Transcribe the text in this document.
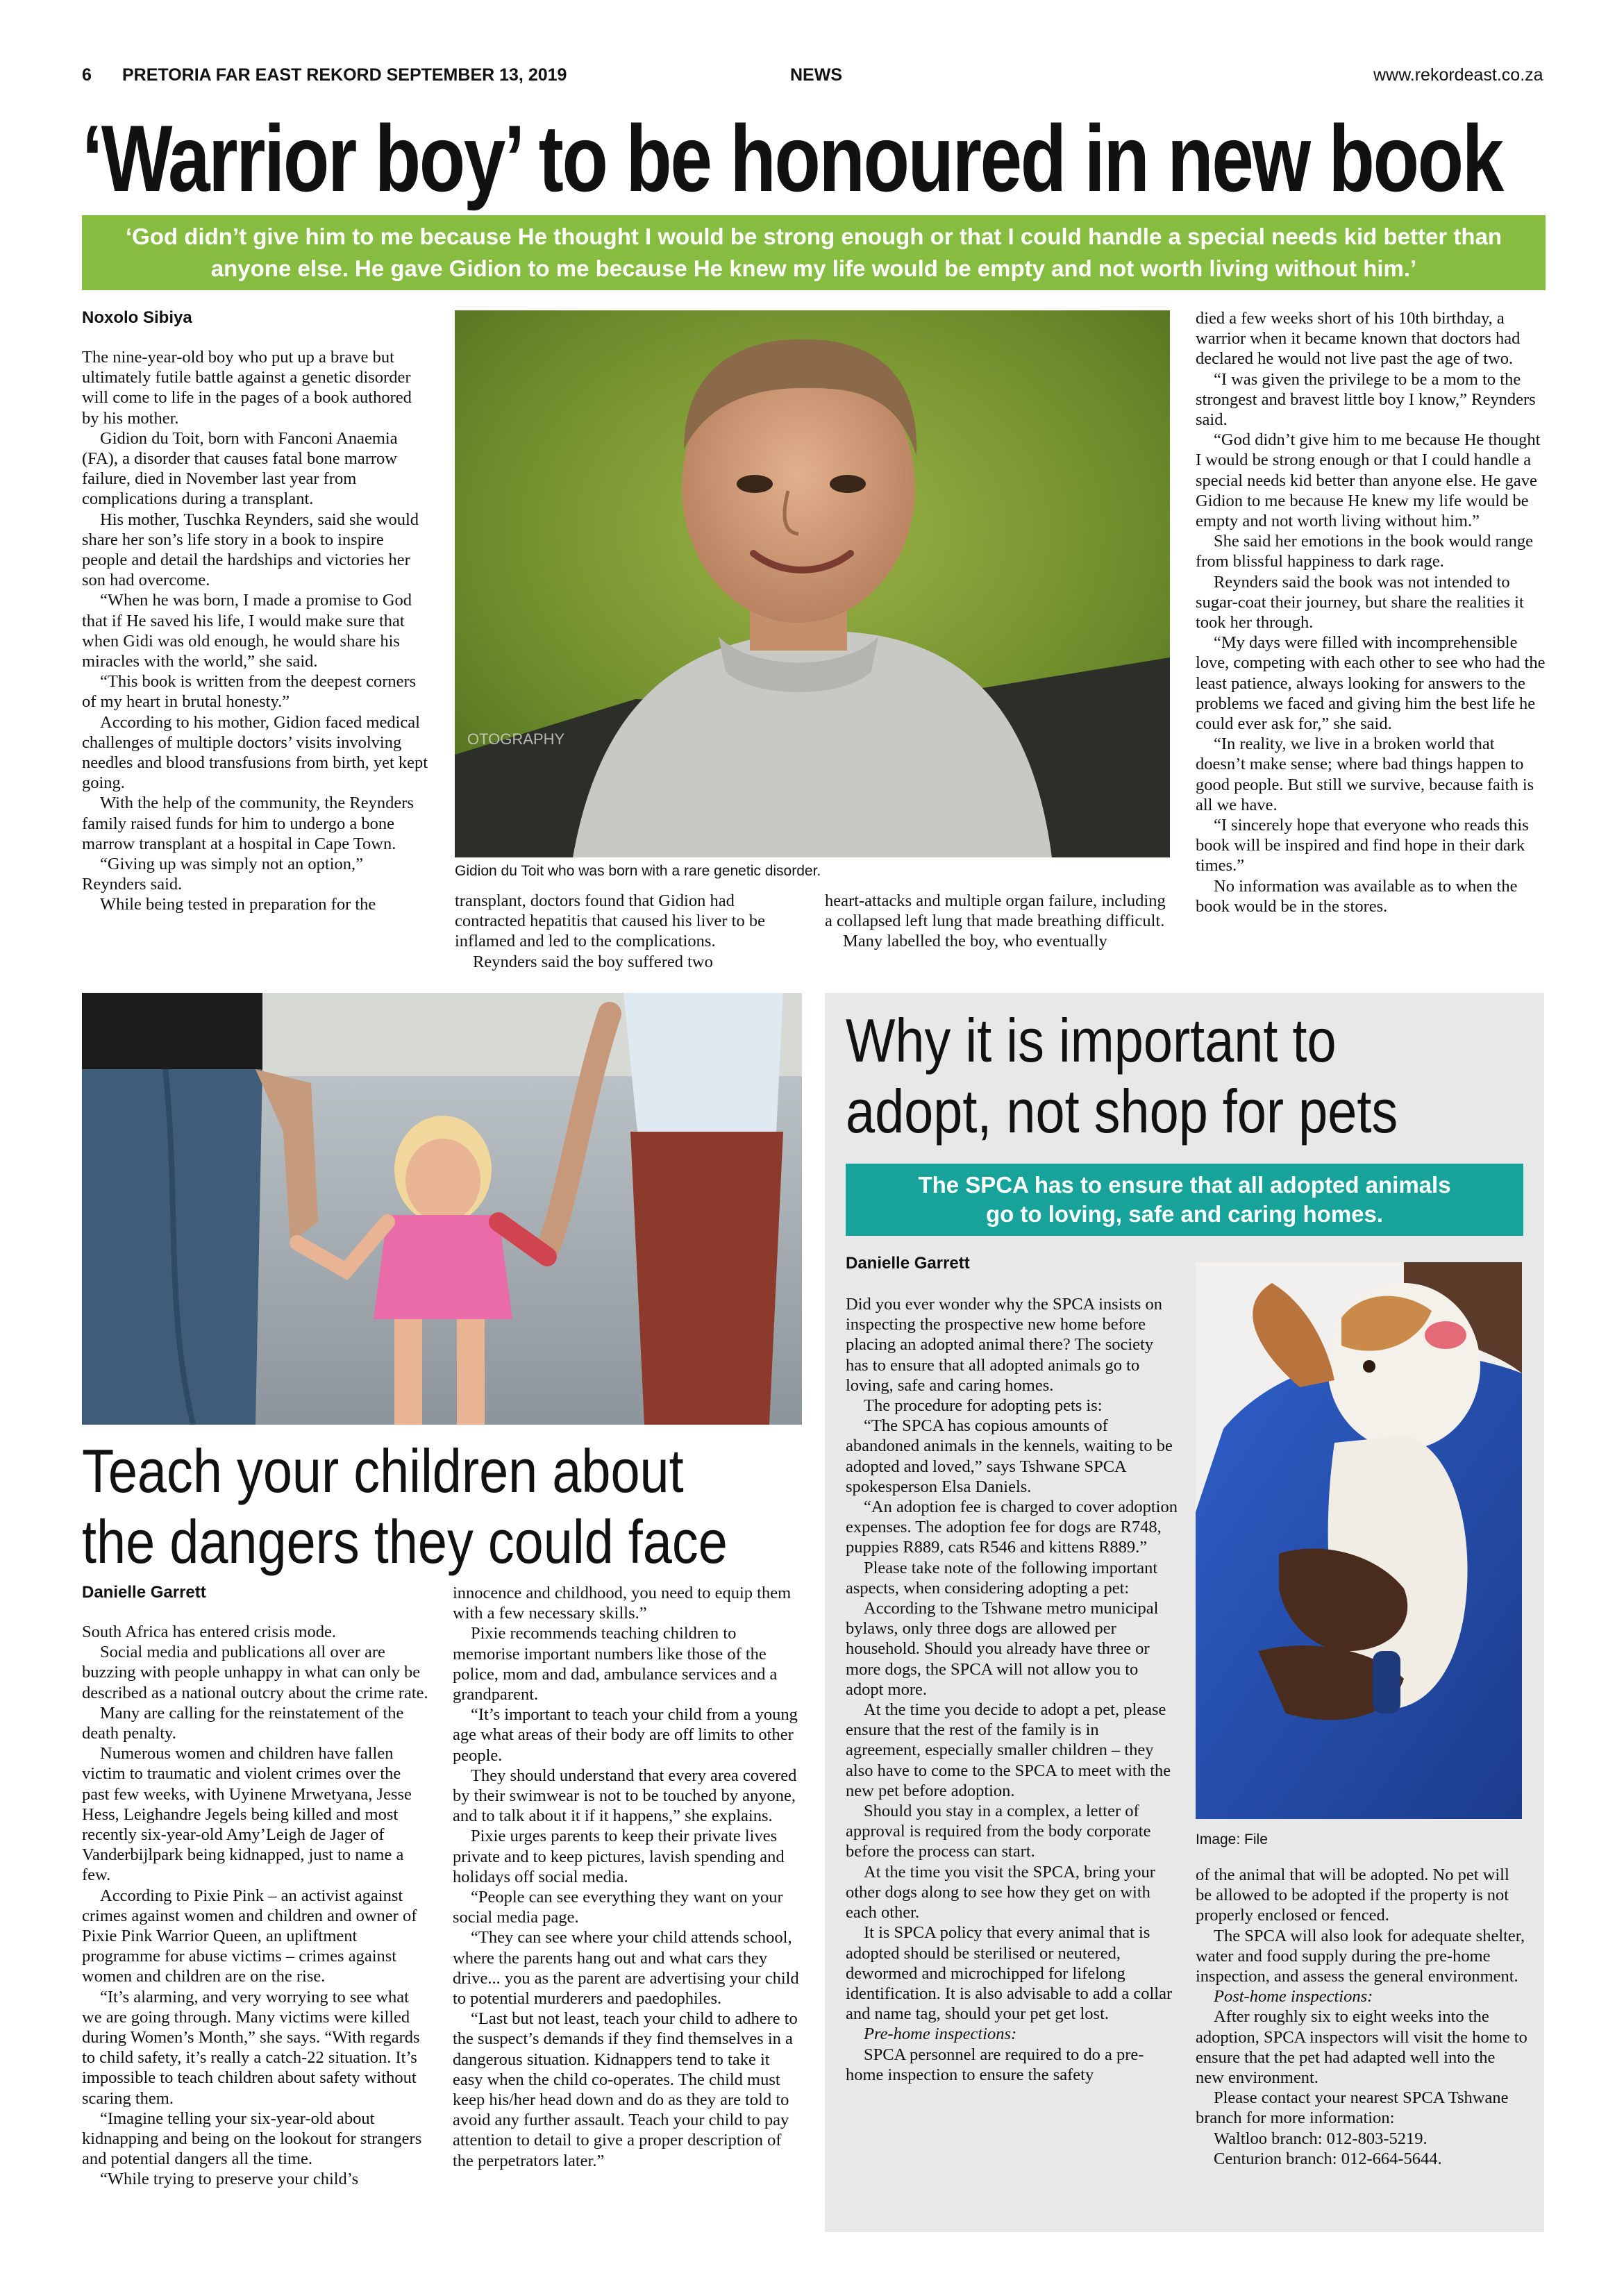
6 PRETORIA FAR EAST REKORD SEPTEMBER 13, 2019	NEWS	www.rekordeast.co.za
‘Warrior boy’ to be honoured in new book
‘God didn’t give him to me because He thought I would be strong enough or that I could handle a special needs kid better than anyone else. He gave Gidion to me because He knew my life would be empty and not worth living without him.’
Noxolo Sibiya

The nine-year-old boy who put up a brave but ultimately futile battle against a genetic disorder will come to life in the pages of a book authored by his mother.

Gidion du Toit, born with Fanconi Anaemia (FA), a disorder that causes fatal bone marrow failure, died in November last year from complications during a transplant.

His mother, Tuschka Reynders, said she would share her son’s life story in a book to inspire people and detail the hardships and victories her son had overcome.

“When he was born, I made a promise to God that if He saved his life, I would make sure that when Gidi was old enough, he would share his miracles with the world,” she said.

“This book is written from the deepest corners of my heart in brutal honesty.”

According to his mother, Gidion faced medical challenges of multiple doctors’ visits involving needles and blood transfusions from birth, yet kept going.

With the help of the community, the Reynders family raised funds for him to undergo a bone marrow transplant at a hospital in Cape Town.

“Giving up was simply not an option,” Reynders said.

While being tested in preparation for the

OTOGRAPHY
Gidion du Toit who was born with a rare genetic disorder.

transplant, doctors found that Gidion had contracted hepatitis that caused his liver to be inflamed and led to the complications.

Reynders said the boy suffered two

heart-attacks and multiple organ failure, including a collapsed left lung that made breathing difficult.

Many labelled the boy, who eventually

died a few weeks short of his 10th birthday, a warrior when it became known that doctors had declared he would not live past the age of two.

“I was given the privilege to be a mom to the strongest and bravest little boy I know,” Reynders said.

“God didn’t give him to me because He thought I would be strong enough or that I could handle a special needs kid better than anyone else. He gave Gidion to me because He knew my life would be empty and not worth living without him.”

She said her emotions in the book would range from blissful happiness to dark rage.

Reynders said the book was not intended to sugar-coat their journey, but share the realities it took her through.

“My days were filled with incomprehensible love, competing with each other to see who had the least patience, always looking for answers to the problems we faced and giving him the best life he could ever ask for,” she said.

“In reality, we live in a broken world that doesn’t make sense; where bad things happen to good people. But still we survive, because faith is all we have.

“I sincerely hope that everyone who reads this book will be inspired and find hope in their dark times.”

No information was available as to when the book would be in the stores.

Teach your children about
the dangers they could face
Danielle Garrett

South Africa has entered crisis mode.

Social media and publications all over are buzzing with people unhappy in what can only be described as a national outcry about the crime rate.

Many are calling for the reinstatement of the death penalty.

Numerous women and children have fallen victim to traumatic and violent crimes over the past few weeks, with Uyinene Mrwetyana, Jesse Hess, Leighandre Jegels being killed and most recently six-year-old Amy’Leigh de Jager of Vanderbijlpark being kidnapped, just to name a few.

According to Pixie Pink – an activist against crimes against women and children and owner of Pixie Pink Warrior Queen, an upliftment programme for abuse victims – crimes against women and children are on the rise.

“It’s alarming, and very worrying to see what we are going through. Many victims were killed during Women’s Month,” she says. “With regards to child safety, it’s really a catch-22 situation. It’s impossible to teach children about safety without scaring them.

“Imagine telling your six-year-old about kidnapping and being on the lookout for strangers and potential dangers all the time.

“While trying to preserve your child’s

innocence and childhood, you need to equip them with a few necessary skills.”

Pixie recommends teaching children to memorise important numbers like those of the police, mom and dad, ambulance services and a grandparent.

“It’s important to teach your child from a young age what areas of their body are off limits to other people.

They should understand that every area covered by their swimwear is not to be touched by anyone, and to talk about it if it happens,” she explains.

Pixie urges parents to keep their private lives private and to keep pictures, lavish spending and holidays off social media.

“People can see everything they want on your social media page.

“They can see where your child attends school, where the parents hang out and what cars they drive... you as the parent are advertising your child to potential murderers and paedophiles.

“Last but not least, teach your child to adhere to the suspect’s demands if they find themselves in a dangerous situation. Kidnappers tend to take it easy when the child co-operates. The child must keep his/her head down and do as they are told to avoid any further assault. Teach your child to pay attention to detail to give a proper description of the perpetrators later.”

Why it is important to
adopt, not shop for pets
The SPCA has to ensure that all adopted animals
go to loving, safe and caring homes.
Danielle Garrett

Did you ever wonder why the SPCA insists on inspecting the prospective new home before placing an adopted animal there? The society has to ensure that all adopted animals go to loving, safe and caring homes.

The procedure for adopting pets is:

“The SPCA has copious amounts of abandoned animals in the kennels, waiting to be adopted and loved,” says Tshwane SPCA spokesperson Elsa Daniels.

“An adoption fee is charged to cover adoption expenses. The adoption fee for dogs are R748, puppies R889, cats R546 and kittens R889.”

Please take note of the following important aspects, when considering adopting a pet:

According to the Tshwane metro municipal bylaws, only three dogs are allowed per household. Should you already have three or more dogs, the SPCA will not allow you to adopt more.

At the time you decide to adopt a pet, please ensure that the rest of the family is in agreement, especially smaller children – they also have to come to the SPCA to meet with the new pet before adoption.

Should you stay in a complex, a letter of approval is required from the body corporate before the process can start.

At the time you visit the SPCA, bring your other dogs along to see how they get on with each other.

It is SPCA policy that every animal that is adopted should be sterilised or neutered, dewormed and microchipped for lifelong identification. It is also advisable to add a collar and name tag, should your pet get lost.

Pre-home inspections:

SPCA personnel are required to do a pre-home inspection to ensure the safety

Image: File

of the animal that will be adopted. No pet will be allowed to be adopted if the property is not properly enclosed or fenced.

The SPCA will also look for adequate shelter, water and food supply during the pre-home inspection, and assess the general environment.

Post-home inspections:

After roughly six to eight weeks into the adoption, SPCA inspectors will visit the home to ensure that the pet had adapted well into the new environment.

Please contact your nearest SPCA Tshwane branch for more information:

Waltloo branch: 012-803-5219.

Centurion branch: 012-664-5644.
